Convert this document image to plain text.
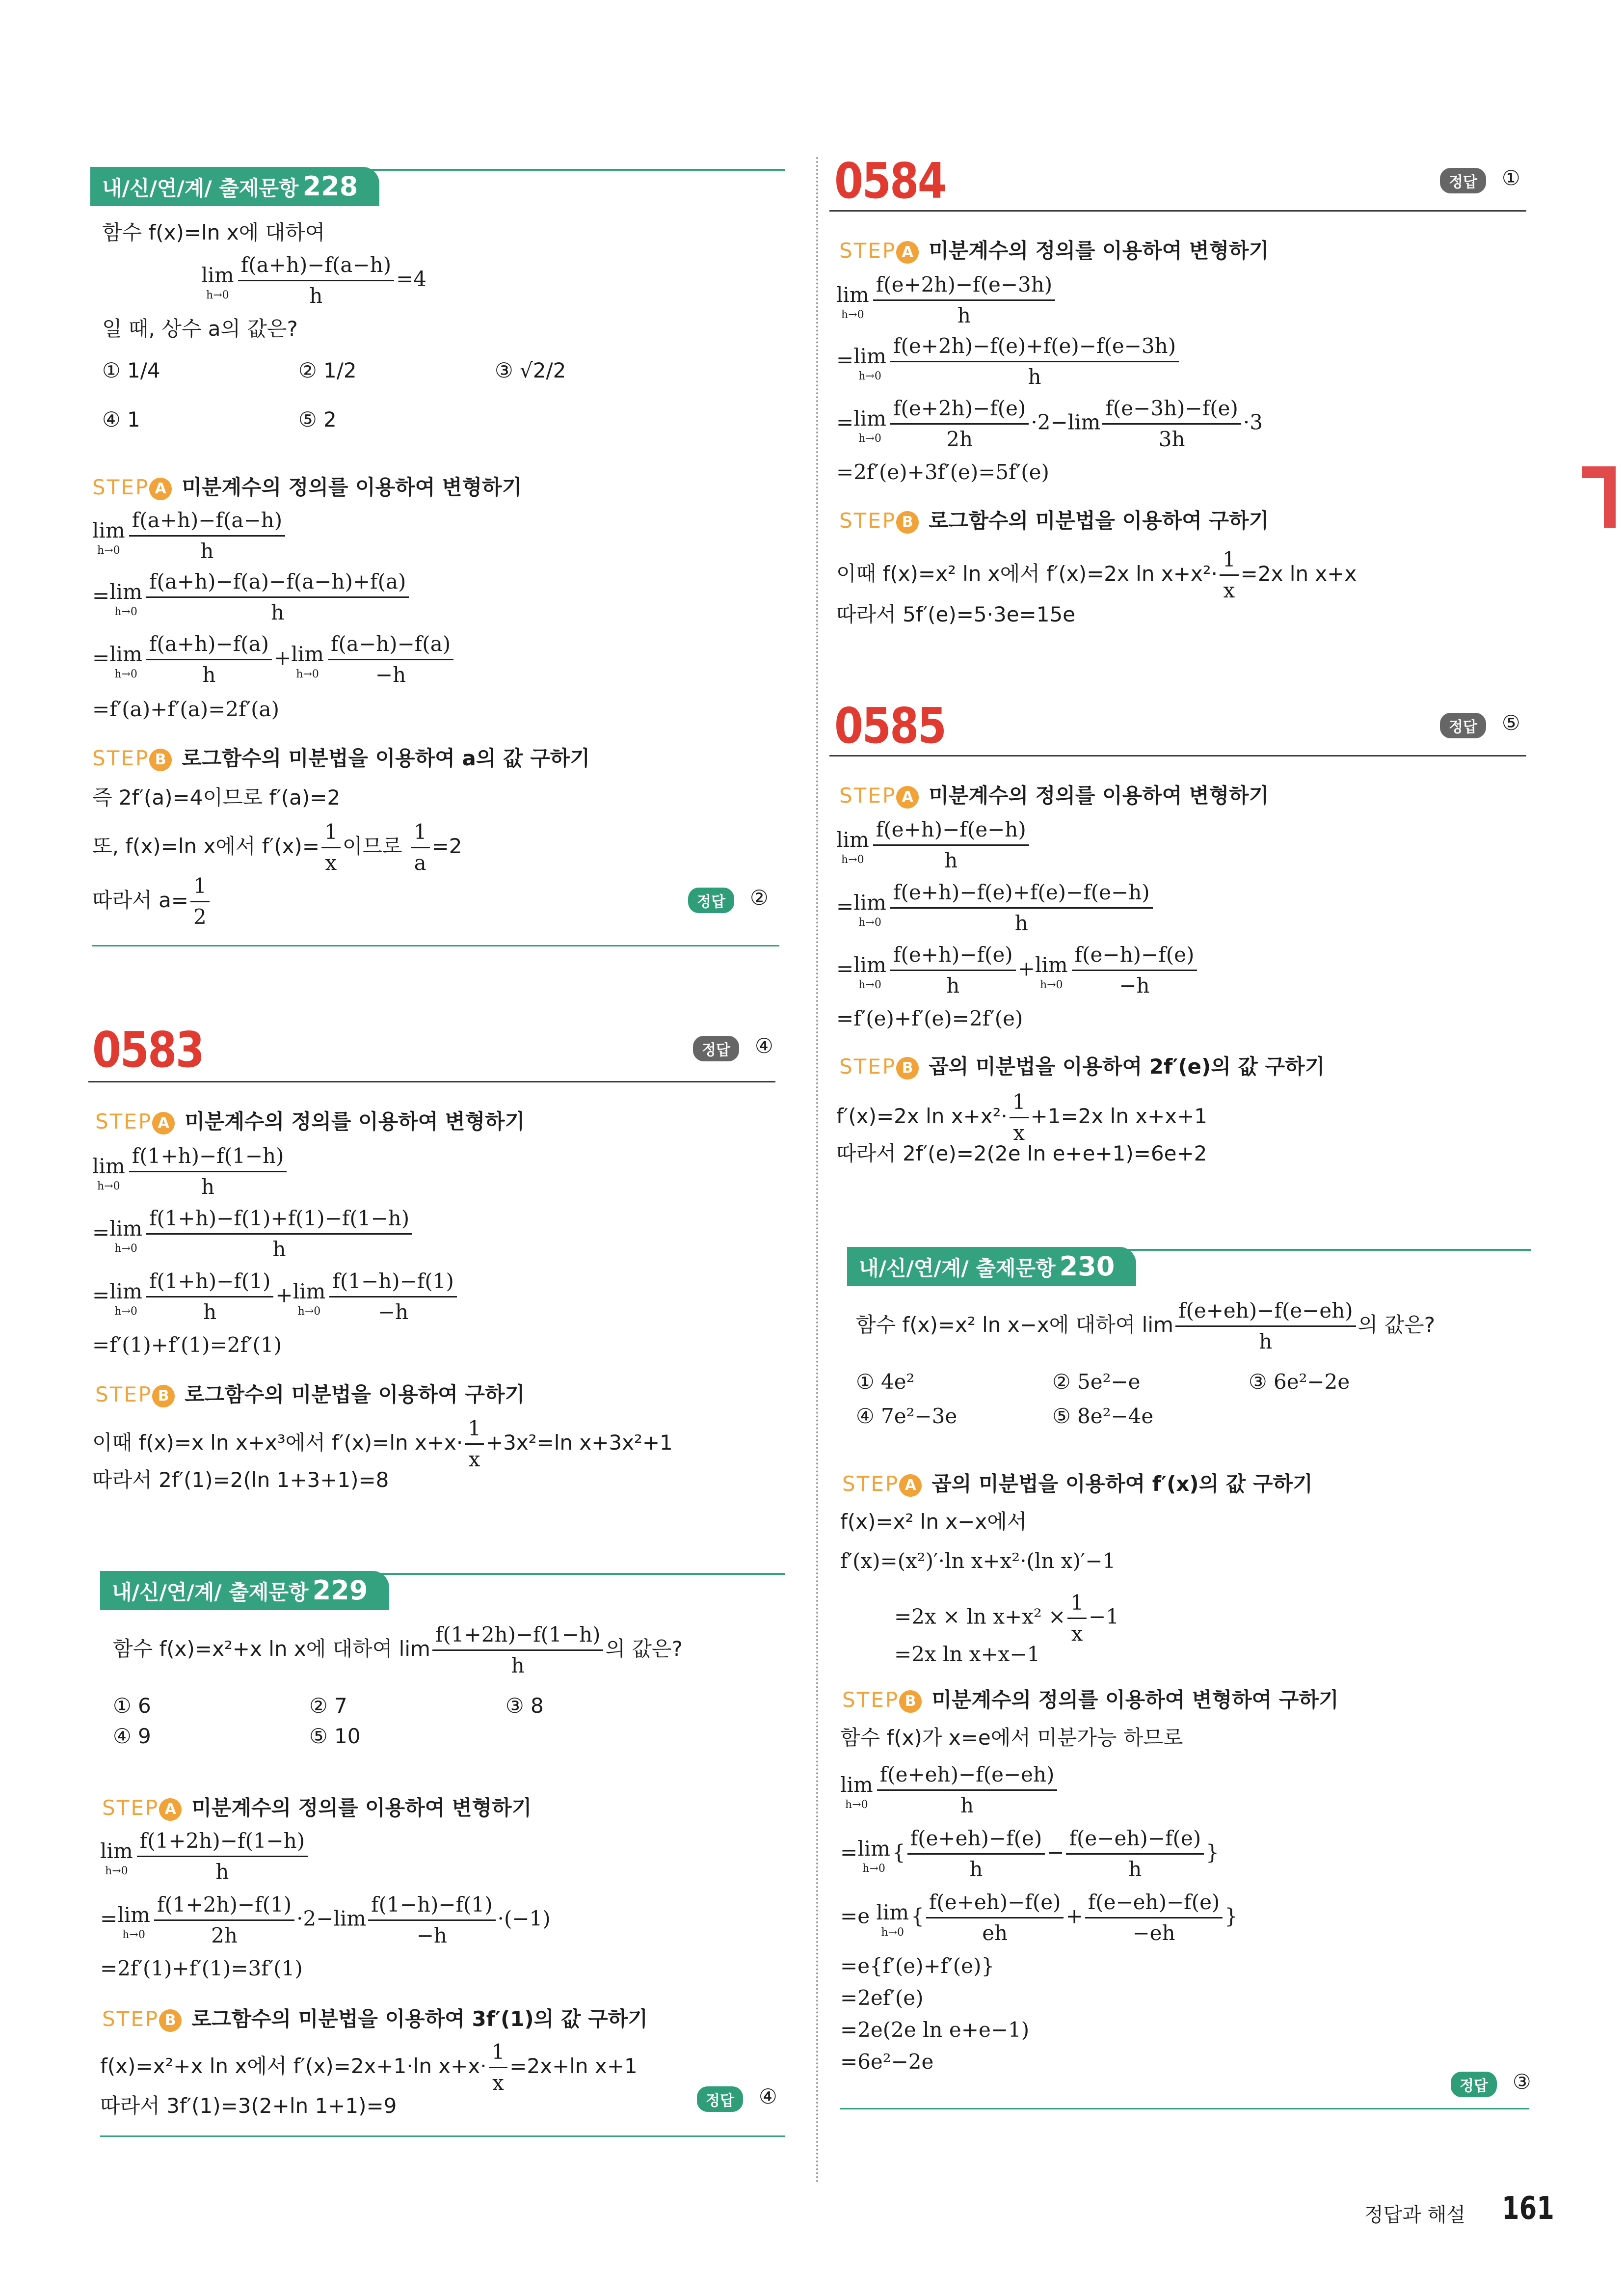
내/신/연/계/ 출제문항 228
함수 f(x)=ln x에 대하여
lim
$h\to 0 \frac{f(a+h)-f(a-h)}{h} =4$
일 때, 상수 a의 값은?
① 1/4	② 1/2	③ √2/2
④ 1	⑤ 2
STEP A 미분계수의 정의를 이용하여 변형하기
lim
$h\to 0 \frac{f(a+h)-f(a-h)}{h}$
=lim
$h\to 0 \frac{f(a+h)-f(a)-f(a-h)+f(a)}{h}$
=lim
$h\to 0 \frac{f(a+h)-f(a)}{h} +\lim$
$h\to 0 \frac{f(a-h)-f(a)}{-h}$
=f′(a)+f′(a)=2f′(a)
STEP B 로그함수의 미분법을 이용하여 a의 값 구하기
즉 2f′(a)=4이므로 f′(a)=2
또, f(x)=ln x에서 $f'(x)= \frac{1}{x}$ 이므로 $\frac{1}{a} =2$
따라서 $a= \frac{1}{2}$	정답	②
0583	정답	④
STEP A 미분계수의 정의를 이용하여 변형하기
lim
$h\to 0 \frac{f(1+h)-f(1-h)}{h}$
=lim
$h\to 0 \frac{f(1+h)-f(1)+f(1)-f(1-h)}{h}$
=lim
$h\to 0 \frac{f(1+h)-f(1)}{h} +\lim$
$h\to 0 \frac{f(1-h)-f(1)}{-h}$
=f′(1)+f′(1)=2f′(1)
STEP B 로그함수의 미분법을 이용하여 구하기
이때 f(x)=x ln x+x³에서 f′(x)=ln $x+x\cdot \frac{1}{x} +3x^2=\ln$ x+3x²+1
따라서 2f′(1)=2(ln 1+3+1)=8
내/신/연/계/ 출제문항 229
함수 f(x)=x²+x ln x에 대하여 $\lim \frac{f(1+2h)-f(1-h)}{h}$ 의 값은?
① 6	② 7	③ 8
④ 9	⑤ 10
STEP A 미분계수의 정의를 이용하여 변형하기
lim
$h\to 0 \frac{f(1+2h)-f(1-h)}{h}$
=lim
$h\to 0 \frac{f(1+2h)-f(1)}{2h} \cdot 2-\lim \frac{f(1-h)-f(1)}{-h} \cdot(-1)$
=2f′(1)+f′(1)=3f′(1)
STEP B 로그함수의 미분법을 이용하여 3f′(1)의 값 구하기
f(x)=x²+x ln x에서 f′(x)=2x+1·ln $x+x\cdot \frac{1}{x} =2x+\ln$ x+1
따라서 3f′(1)=3(2+ln 1+1)=9	정답	④
0584	정답	①
STEP A 미분계수의 정의를 이용하여 변형하기
lim
$h\to 0 \frac{f(e+2h)-f(e-3h)}{h}$
=lim
$h\to 0 \frac{f(e+2h)-f(e)+f(e)-f(e-3h)}{h}$
=lim
$h\to 0 \frac{f(e+2h)-f(e)}{2h} \cdot 2-\lim \frac{f(e-3h)-f(e)}{3h} \cdot 3$
=2f′(e)+3f′(e)=5f′(e)
STEP B 로그함수의 미분법을 이용하여 구하기
이때 f(x)=x² ln x에서 f′(x)=2x $\ln x+x^2\cdot \frac{1}{x} =2x$ ln x+x
따라서 5f′(e)=5·3e=15e
0585	정답	⑤
STEP A 미분계수의 정의를 이용하여 변형하기
lim
$h\to 0 \frac{f(e+h)-f(e-h)}{h}$
=lim
$h\to 0 \frac{f(e+h)-f(e)+f(e)-f(e-h)}{h}$
=lim
$h\to 0 \frac{f(e+h)-f(e)}{h} +\lim$
$h\to 0 \frac{f(e-h)-f(e)}{-h}$
=f′(e)+f′(e)=2f′(e)
STEP B 곱의 미분법을 이용하여 2f′(e)의 값 구하기
f′(x)=2x $\ln x+x^2\cdot \frac{1}{x} +1=2x$ ln x+x+1
따라서 2f′(e)=2(2e ln e+e+1)=6e+2
내/신/연/계/ 출제문항 230
함수 f(x)=x² ln x−x에 대하여 $\lim \frac{f(e+eh)-f(e-eh)}{h}$ 의 값은?
① 4e²	② 5e²−e	③ 6e²−2e
④ 7e²−3e	⑤ 8e²−4e
STEP A 곱의 미분법을 이용하여 f′(x)의 값 구하기
f(x)=x² ln x−x에서
f′(x)=(x²)′·ln x+x²·(ln x)′−1
$=2x \times \ln x+x^2 \times \frac{1}{x} -1$
=2x ln x+x−1
STEP B 미분계수의 정의를 이용하여 변형하여 구하기
함수 f(x)가 x=e에서 미분가능 하므로
lim
$h\to 0 \frac{f(e+eh)-f(e-eh)}{h}$
=lim
h→0
{ $\frac{f(e+eh)-f(e)}{h} - \frac{f(e-eh)-f(e)}{h}$ }
=e lim
h→0
{ $\frac{f(e+eh)-f(e)}{eh} + \frac{f(e-eh)-f(e)}{-eh}$ }
=e{f′(e)+f′(e)}
=2ef′(e)
=2e(2e ln e+e−1)
=6e²−2e
정답	③
정답과 해설 161
